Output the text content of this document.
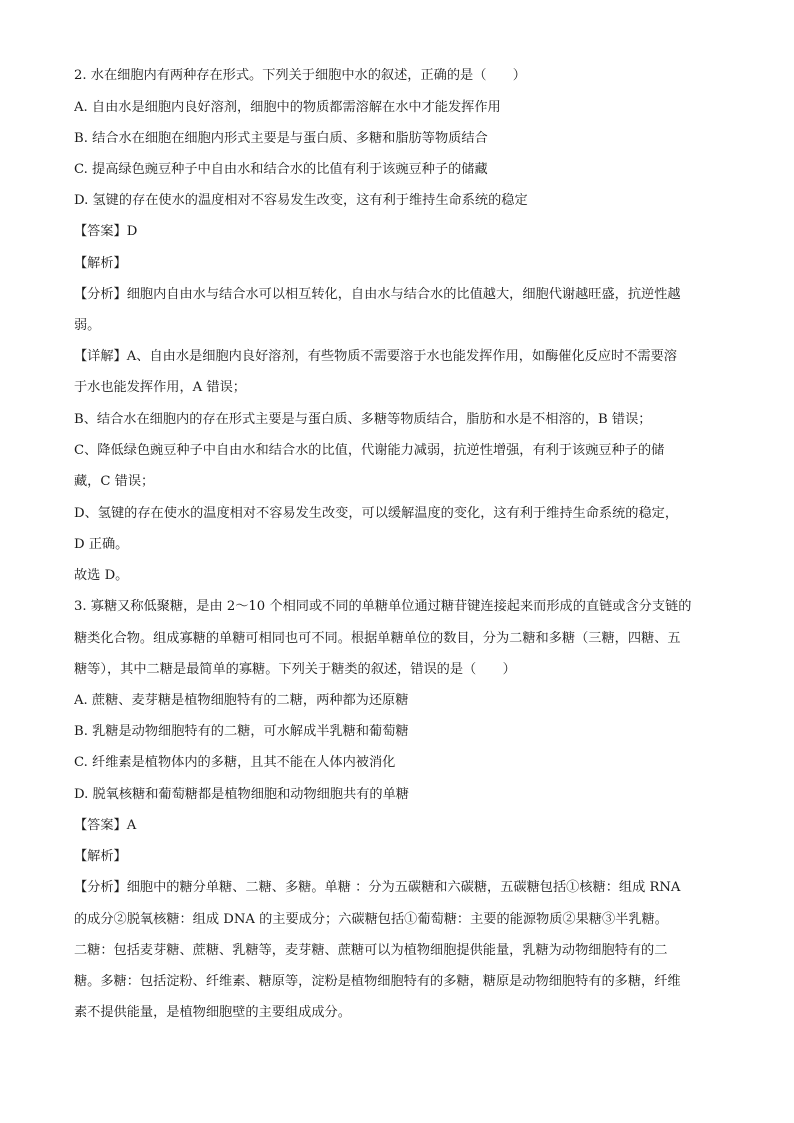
2. 水在细胞内有两种存在形式。下列关于细胞中水的叙述，正确的是（　　）
A. 自由水是细胞内良好溶剂，细胞中的物质都需溶解在水中才能发挥作用
B. 结合水在细胞在细胞内形式主要是与蛋白质、多糖和脂肪等物质结合
C. 提高绿色豌豆种子中自由水和结合水的比值有利于该豌豆种子的储藏
D. 氢键的存在使水的温度相对不容易发生改变，这有利于维持生命系统的稳定
【答案】D
【解析】
【分析】细胞内自由水与结合水可以相互转化，自由水与结合水的比值越大，细胞代谢越旺盛，抗逆性越
弱。
【详解】A、自由水是细胞内良好溶剂，有些物质不需要溶于水也能发挥作用，如酶催化反应时不需要溶
于水也能发挥作用，A 错误；
B、结合水在细胞内的存在形式主要是与蛋白质、多糖等物质结合，脂肪和水是不相溶的，B 错误；
C、降低绿色豌豆种子中自由水和结合水的比值，代谢能力减弱，抗逆性增强，有利于该豌豆种子的储
藏，C 错误；
D、氢键的存在使水的温度相对不容易发生改变，可以缓解温度的变化，这有利于维持生命系统的稳定，
D 正确。
故选 D。
3. 寡糖又称低聚糖，是由 2～10 个相同或不同的单糖单位通过糖苷键连接起来而形成的直链或含分支链的
糖类化合物。组成寡糖的单糖可相同也可不同。根据单糖单位的数目，分为二糖和多糖（三糖，四糖、五
糖等），其中二糖是最简单的寡糖。下列关于糖类的叙述，错误的是（　　）
A. 蔗糖、麦芽糖是植物细胞特有的二糖，两种都为还原糖
B. 乳糖是动物细胞特有的二糖，可水解成半乳糖和葡萄糖
C. 纤维素是植物体内的多糖，且其不能在人体内被消化
D. 脱氧核糖和葡萄糖都是植物细胞和动物细胞共有的单糖
【答案】A
【解析】
【分析】细胞中的糖分单糖、二糖、多糖。单糖 ：分为五碳糖和六碳糖，五碳糖包括①核糖：组成 RNA
的成分②脱氧核糖：组成 DNA 的主要成分；六碳糖包括①葡萄糖：主要的能源物质②果糖③半乳糖。
二糖：包括麦芽糖、蔗糖、乳糖等，麦芽糖、蔗糖可以为植物细胞提供能量，乳糖为动物细胞特有的二
糖。多糖：包括淀粉、纤维素、糖原等，淀粉是植物细胞特有的多糖，糖原是动物细胞特有的多糖，纤维
素不提供能量，是植物细胞壁的主要组成成分。
